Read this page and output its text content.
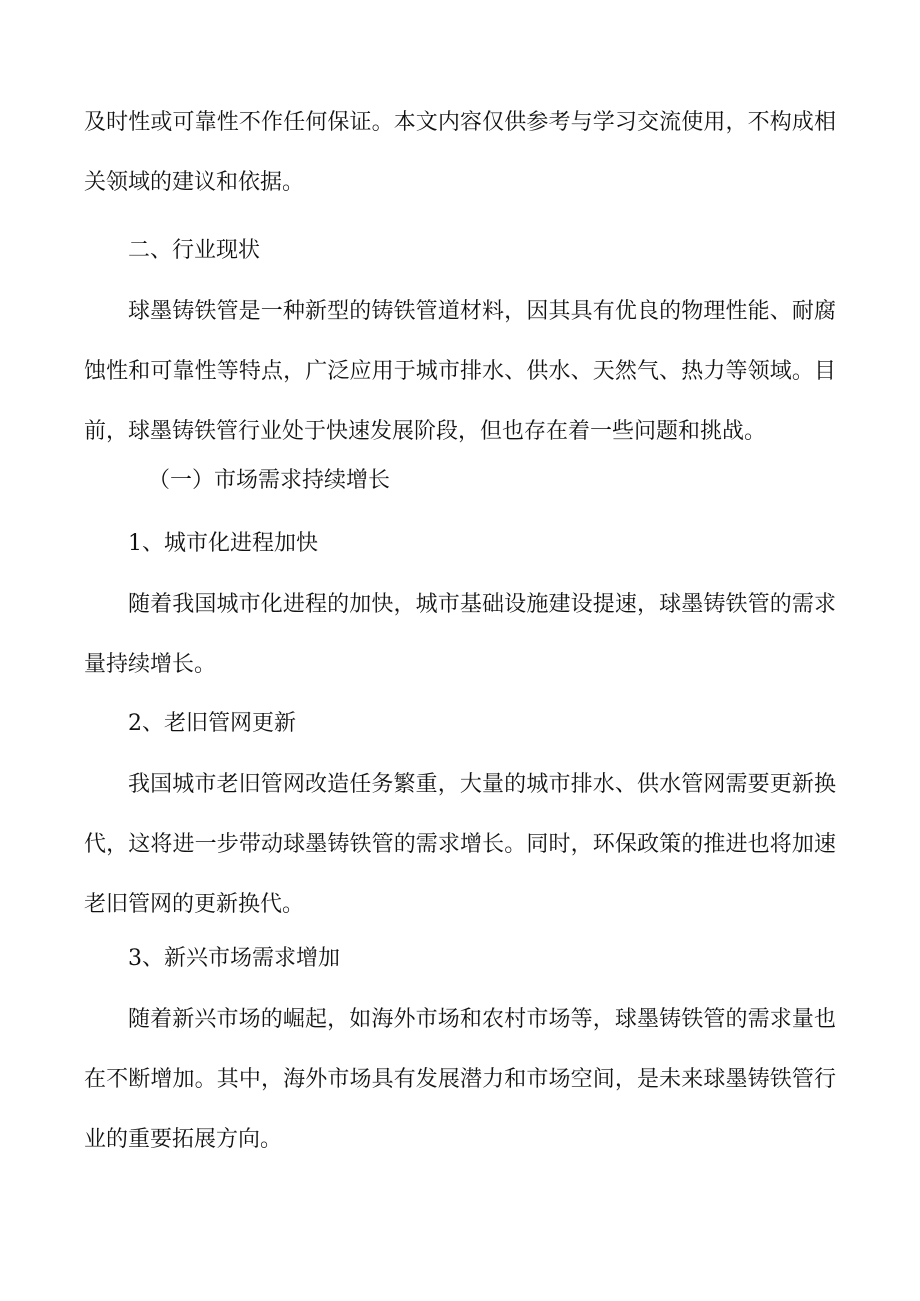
及时性或可靠性不作任何保证。本文内容仅供参考与学习交流使用，不构成相关领域的建议和依据。

二、行业现状

球墨铸铁管是一种新型的铸铁管道材料，因其具有优良的物理性能、耐腐蚀性和可靠性等特点，广泛应用于城市排水、供水、天然气、热力等领域。目前，球墨铸铁管行业处于快速发展阶段，但也存在着一些问题和挑战。

（一）市场需求持续增长

1、城市化进程加快

随着我国城市化进程的加快，城市基础设施建设提速，球墨铸铁管的需求量持续增长。

2、老旧管网更新

我国城市老旧管网改造任务繁重，大量的城市排水、供水管网需要更新换代，这将进一步带动球墨铸铁管的需求增长。同时，环保政策的推进也将加速老旧管网的更新换代。

3、新兴市场需求增加

随着新兴市场的崛起，如海外市场和农村市场等，球墨铸铁管的需求量也在不断增加。其中，海外市场具有发展潜力和市场空间，是未来球墨铸铁管行业的重要拓展方向。
